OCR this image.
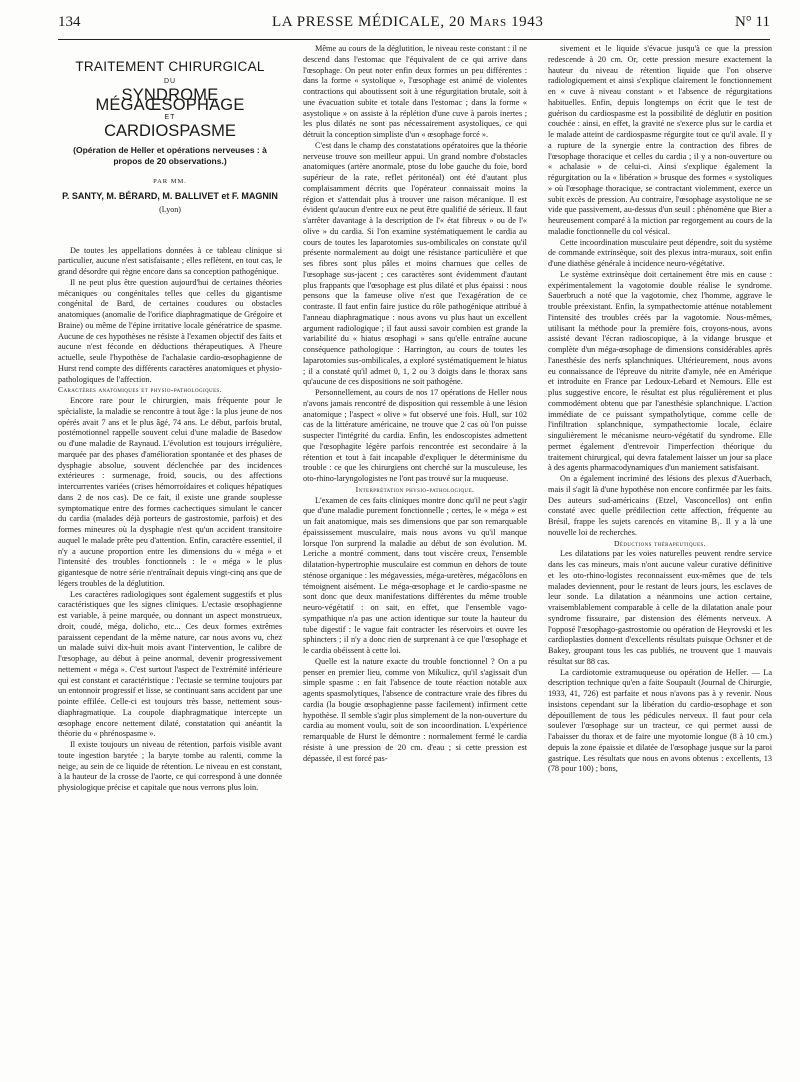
134	LA PRESSE MÉDICALE, 20 Mars 1943	N° 11
TRAITEMENT CHIRURGICAL
DU
SYNDROME MÉGAŒSOPHAGE
ET
CARDIOSPASME
(Opération de Heller et opérations nerveuses : à propos de 20 observations.)
PAR MM.
P. SANTY, M. BÉRARD, M. BALLIVET et F. MAGNIN
(Lyon)

De toutes les appellations données à ce tableau clinique si particulier, aucune n'est satisfaisante ; elles reflètent, en tout cas, le grand désordre qui règne encore dans sa conception pathogénique.

Il ne peut plus être question aujourd'hui de certaines théories mécaniques ou congénitales telles que celles du gigantisme congénital de Bard, de certaines coudures ou obstacles anatomiques (anomalie de l'orifice diaphragmatique de Grégoire et Braine) ou même de l'épine irritative locale génératrice de spasme. Aucune de ces hypothèses ne résiste à l'examen objectif des faits et aucune n'est féconde en déductions thérapeutiques. A l'heure actuelle, seule l'hypothèse de l'achalasie cardio-œsophagienne de Hurst rend compte des différents caractères anatomiques et physio-pathologiques de l'affection.

Caractères anatomiques et physio-pathologiques.

Encore rare pour le chirurgien, mais fréquente pour le spécialiste, la maladie se rencontre à tout âge : la plus jeune de nos opérés avait 7 ans et le plus âgé, 74 ans. Le début, parfois brutal, postémotionnel rappelle souvent celui d'une maladie de Basedow ou d'une maladie de Raynaud. L'évolution est toujours irrégulière, marquée par des phases d'amélioration spontanée et des phases de dysphagie absolue, souvent déclenchée par des incidences extérieures : surmenage, froid, soucis, ou des affections intercurrentes variées (crises hémorroïdaires et coliques hépatiques dans 2 de nos cas). De ce fait, il existe une grande souplesse symptomatique entre des formes cachectiques simulant le cancer du cardia (malades déjà porteurs de gastrostomie, parfois) et des formes mineures où la dysphagie n'est qu'un accident transitoire auquel le malade prête peu d'attention. Enfin, caractère essentiel, il n'y a aucune proportion entre les dimensions du « méga » et l'intensité des troubles fonctionnels : le « méga » le plus gigantesque de notre série n'entraînait depuis vingt-cinq ans que de légers troubles de la déglutition.

Les caractères radiologiques sont également suggestifs et plus caractéristiques que les signes cliniques. L'ectasie œsophagienne est variable, à peine marquée, ou donnant un aspect monstrueux, droit, coudé, méga, dolicho, etc... Ces deux formes extrêmes paraissent cependant de la même nature, car nous avons vu, chez un malade suivi dix-huit mois avant l'intervention, le calibre de l'œsophage, au début à peine anormal, devenir progressivement nettement « méga ». C'est surtout l'aspect de l'extrémité inférieure qui est constant et caractéristique : l'ectasie se termine toujours par un entonnoir progressif et lisse, se continuant sans accident par une pointe effilée. Celle-ci est toujours très basse, nettement sous-diaphragmatique. La coupole diaphragmatique intercepte un œsophage encore nettement dilaté, constatation qui anéantit la théorie du « phrénospasme ».

Il existe toujours un niveau de rétention, parfois visible avant toute ingestion barytée ; la baryte tombe au ralenti, comme la neige, au sein de ce liquide de rétention. Le niveau en est constant, à la hauteur de la crosse de l'aorte, ce qui correspond à une donnée physiologique précise et capitale que nous verrons plus loin.

Même au cours de la déglutition, le niveau reste constant : il ne descend dans l'estomac que l'équivalent de ce qui arrive dans l'œsophage. On peut noter enfin deux formes un peu différentes : dans la forme « systolique », l'œsophage est animé de violentes contractions qui aboutissent soit à une régurgitation brutale, soit à une évacuation subite et totale dans l'estomac ; dans la forme « asystolique » on assiste à la réplétion d'une cuve à parois inertes ; les plus dilatés ne sont pas nécessairement asystoliques, ce qui détruit la conception simpliste d'un « œsophage forcé ».

C'est dans le champ des constatations opératoires que la théorie nerveuse trouve son meilleur appui. Un grand nombre d'obstacles anatomiques (artère anormale, ptose du lobe gauche du foie, bord supérieur de la rate, reflet péritonéal) ont été d'autant plus complaisamment décrits que l'opérateur connaissait moins la région et s'attendait plus à trouver une raison mécanique. Il est évident qu'aucun d'entre eux ne peut être qualifié de sérieux. Il faut s'arrêter davantage à la description de l'« état fibreux » ou de l'« olive » du cardia. Si l'on examine systématiquement le cardia au cours de toutes les laparotomies sus-ombilicales on constate qu'il présente normalement au doigt une résistance particulière et que ses fibres sont plus pâles et moins charnues que celles de l'œsophage sus-jacent ; ces caractères sont évidemment d'autant plus frappants que l'œsophage est plus dilaté et plus épaissi : nous pensons que la fameuse olive n'est que l'exagération de ce contraste. Il faut enfin faire justice du rôle pathogénique attribué à l'anneau diaphragmatique : nous avons vu plus haut un excellent argument radiologique ; il faut aussi savoir combien est grande la variabilité du « hiatus œsophagi » sans qu'elle entraîne aucune conséquence pathologique : Harrington, au cours de toutes les laparotomies sus-ombilicales, a exploré systématiquement le hiatus ; il a constaté qu'il admet 0, 1, 2 ou 3 doigts dans le thorax sans qu'aucune de ces dispositions ne soit pathogène.

Personnellement, au cours de nos 17 opérations de Heller nous n'avons jamais rencontré de disposition qui ressemble à une lésion anatomique ; l'aspect « olive » fut observé une fois. Hull, sur 102 cas de la littérature américaine, ne trouve que 2 cas où l'on puisse suspecter l'intégrité du cardia. Enfin, les endoscopistes admettent que l'œsophagite légère parfois rencontrée est secondaire à la rétention et tout à fait incapable d'expliquer le déterminisme du trouble : ce que les chirurgiens ont cherché sur la musculeuse, les oto-rhino-laryngologistes ne l'ont pas trouvé sur la muqueuse.

Interprétation physio-pathologique.

L'examen de ces faits cliniques montre donc qu'il ne peut s'agir que d'une maladie purement fonctionnelle ; certes, le « méga » est un fait anatomique, mais ses dimensions que par son remarquable épaississement musculaire, mais nous avons vu qu'il manque lorsque l'on surprend la maladie au début de son évolution. M. Leriche a montré comment, dans tout viscère creux, l'ensemble dilatation-hypertrophie musculaire est commun en dehors de toute sténose organique : les mégavessies, méga-uretères, mégacôlons en témoignent aisément. Le méga-œsophage et le cardio-spasme ne sont donc que deux manifestations différentes du même trouble neuro-végétatif : on sait, en effet, que l'ensemble vago-sympathique n'a pas une action identique sur toute la hauteur du tube digestif : le vague fait contracter les réservoirs et ouvre les sphincters ; il n'y a donc rien de surprenant à ce que l'œsophage et le cardia obéissent à cette loi.

Quelle est la nature exacte du trouble fonctionnel ? On a pu penser en premier lieu, comme von Mikulicz, qu'il s'agissait d'un simple spasme : en fait l'absence de toute réaction notable aux agents spasmolytiques, l'absence de contracture vraie des fibres du cardia (la bougie œsophagienne passe facilement) infirment cette hypothèse. Il semble s'agir plus simplement de la non-ouverture du cardia au moment voulu, soit de son incoordination. L'expérience remarquable de Hurst le démontre : normalement fermé le cardia résiste à une pression de 20 cm. d'eau ; si cette pression est dépassée, il est forcé pas-

sivement et le liquide s'évacue jusqu'à ce que la pression redescende à 20 cm. Or, cette pression mesure exactement la hauteur du niveau de rétention liquide que l'on observe radiologiquement et ainsi s'explique clairement le fonctionnement en « cuve à niveau constant » et l'absence de régurgitations habituelles. Enfin, depuis longtemps on écrit que le test de guérison du cardiospasme est la possibilité de déglutir en position couchée : ainsi, en effet, la gravité ne s'exerce plus sur le cardia et le malade atteint de cardiospasme régurgite tout ce qu'il avale. Il y a rupture de la synergie entre la contraction des fibres de l'œsophage thoracique et celles du cardia ; il y a non-ouverture ou « achalasie » de celui-ci. Ainsi s'explique également la régurgitation ou la « libération » brusque des formes « systoliques » où l'œsophage thoracique, se contractant violemment, exerce un subit excès de pression. Au contraire, l'œsophage asystolique ne se vide que passivement, au-dessus d'un seuil : phénomène que Bier a heureusement comparé à la miction par regorgement au cours de la maladie fonctionnelle du col vésical.

Cette incoordination musculaire peut dépendre, soit du système de commande extrinsèque, soit des plexus intra-muraux, soit enfin d'une diathèse générale à incidence neuro-végétative.

Le système extrinsèque doit certainement être mis en cause : expérimentalement la vagotomie double réalise le syndrome. Sauerbruch a noté que la vagotomie, chez l'homme, aggrave le trouble préexistant. Enfin, la sympathectomie atténue notablement l'intensité des troubles créés par la vagotomie. Nous-mêmes, utilisant la méthode pour la première fois, croyons-nous, avons assisté devant l'écran radioscopique, à la vidange brusque et complète d'un méga-œsophage de dimensions considérables après l'anesthésie des nerfs splanchniques. Ultérieurement, nous avons eu connaissance de l'épreuve du nitrite d'amyle, née en Amérique et introduite en France par Ledoux-Lebard et Nemours. Elle est plus suggestive encore, le résultat est plus régulièrement et plus commodément obtenu que par l'anesthésie splanchnique. L'action immédiate de ce puissant sympatholytique, comme celle de l'infiltration splanchnique, sympathectomie locale, éclaire singulièrement le mécanisme neuro-végétatif du syndrome. Elle permet également d'entrevoir l'imperfection théorique du traitement chirurgical, qui devra fatalement laisser un jour sa place à des agents pharmacodynamiques d'un maniement satisfaisant.

On a également incriminé des lésions des plexus d'Auerbach, mais il s'agit là d'une hypothèse non encore confirmée par les faits. Des auteurs sud-américains (Etzel, Vasconcellos) ont enfin constaté avec quelle prédilection cette affection, fréquente au Brésil, frappe les sujets carencés en vitamine B₁. Il y a là une nouvelle loi de recherches.

Déductions thérapeutiques.

Les dilatations par les voies naturelles peuvent rendre service dans les cas mineurs, mais n'ont aucune valeur curative définitive et les oto-rhino-logistes reconnaissent eux-mêmes que de tels malades deviennent, pour le restant de leurs jours, les esclaves de leur sonde. La dilatation a néanmoins une action certaine, vraisemblablement comparable à celle de la dilatation anale pour syndrome fissuraire, par distension des éléments nerveux. A l'opposé l'œsophago-gastrostomie ou opération de Heyrovski et les cardioplasties donnent d'excellents résultats puisque Ochsner et de Bakey, groupant tous les cas publiés, ne trouvent que 1 mauvais résultat sur 88 cas.

La cardiotomie extramuqueuse ou opération de Heller. — La description technique qu'en a faite Soupault (Journal de Chirurgie, 1933, 41, 726) est parfaite et nous n'avons pas à y revenir. Nous insistons cependant sur la libération du cardio-œsophage et son dépouillement de tous les pédicules nerveux. Il faut pour cela soulever l'œsophage sur un tracteur, ce qui permet aussi de l'abaisser du thorax et de faire une myotomie longue (8 à 10 cm.) depuis la zone épaissie et dilatée de l'œsophage jusque sur la paroi gastrique. Les résultats que nous en avons obtenus : excellents, 13 (78 pour 100) ; bons,
